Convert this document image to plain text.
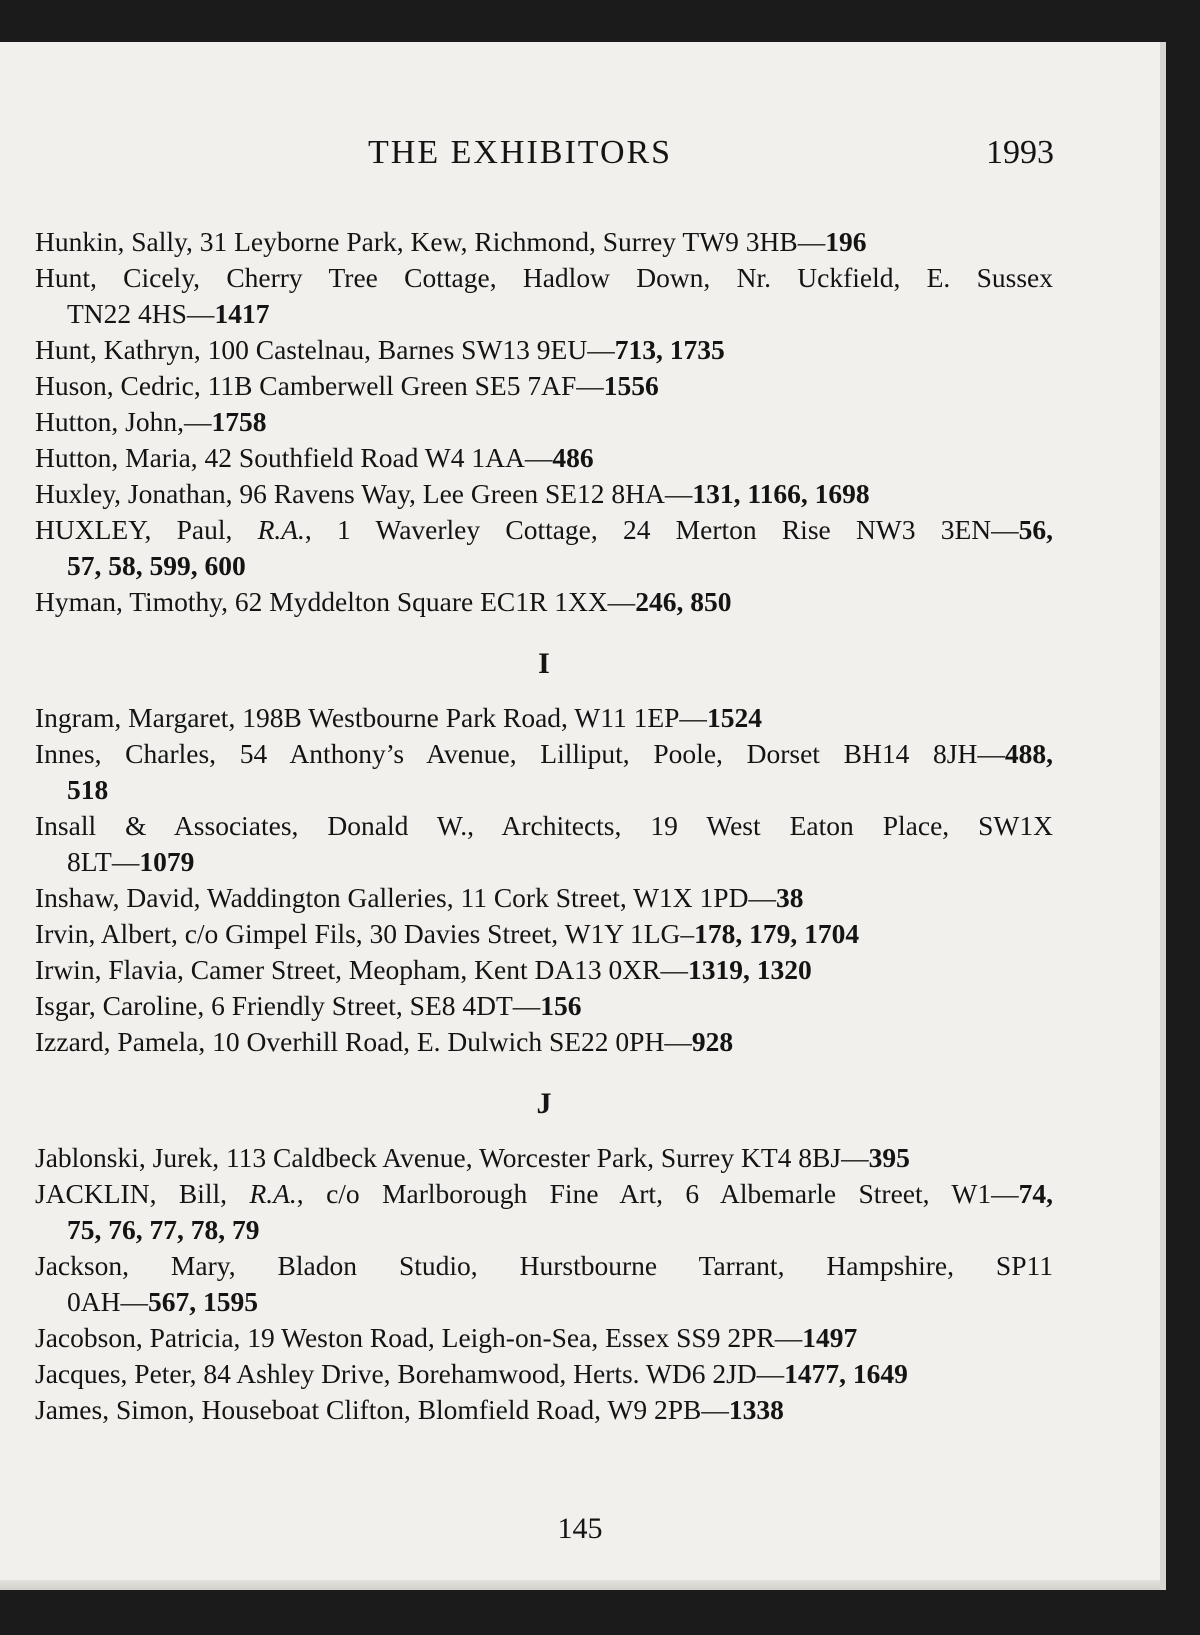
THE EXHIBITORS	1993
Hunkin, Sally, 31 Leyborne Park, Kew, Richmond, Surrey TW9 3HB—196
Hunt, Cicely, Cherry Tree Cottage, Hadlow Down, Nr. Uckfield, E. Sussex
TN22 4HS—1417
Hunt, Kathryn, 100 Castelnau, Barnes SW13 9EU—713, 1735
Huson, Cedric, 11B Camberwell Green SE5 7AF—1556
Hutton, John,—1758
Hutton, Maria, 42 Southfield Road W4 1AA—486
Huxley, Jonathan, 96 Ravens Way, Lee Green SE12 8HA—131, 1166, 1698
HUXLEY, Paul, R.A., 1 Waverley Cottage, 24 Merton Rise NW3 3EN—56,
57, 58, 599, 600
Hyman, Timothy, 62 Myddelton Square EC1R 1XX—246, 850
I
Ingram, Margaret, 198B Westbourne Park Road, W11 1EP—1524
Innes, Charles, 54 Anthony’s Avenue, Lilliput, Poole, Dorset BH14 8JH—488,
518
Insall & Associates, Donald W., Architects, 19 West Eaton Place, SW1X
8LT—1079
Inshaw, David, Waddington Galleries, 11 Cork Street, W1X 1PD—38
Irvin, Albert, c/o Gimpel Fils, 30 Davies Street, W1Y 1LG–178, 179, 1704
Irwin, Flavia, Camer Street, Meopham, Kent DA13 0XR—1319, 1320
Isgar, Caroline, 6 Friendly Street, SE8 4DT—156
Izzard, Pamela, 10 Overhill Road, E. Dulwich SE22 0PH—928
J
Jablonski, Jurek, 113 Caldbeck Avenue, Worcester Park, Surrey KT4 8BJ—395
JACKLIN, Bill, R.A., c/o Marlborough Fine Art, 6 Albemarle Street, W1—74,
75, 76, 77, 78, 79
Jackson, Mary, Bladon Studio, Hurstbourne Tarrant, Hampshire, SP11
0AH—567, 1595
Jacobson, Patricia, 19 Weston Road, Leigh-on-Sea, Essex SS9 2PR—1497
Jacques, Peter, 84 Ashley Drive, Borehamwood, Herts. WD6 2JD—1477, 1649
James, Simon, Houseboat Clifton, Blomfield Road, W9 2PB—1338
145
